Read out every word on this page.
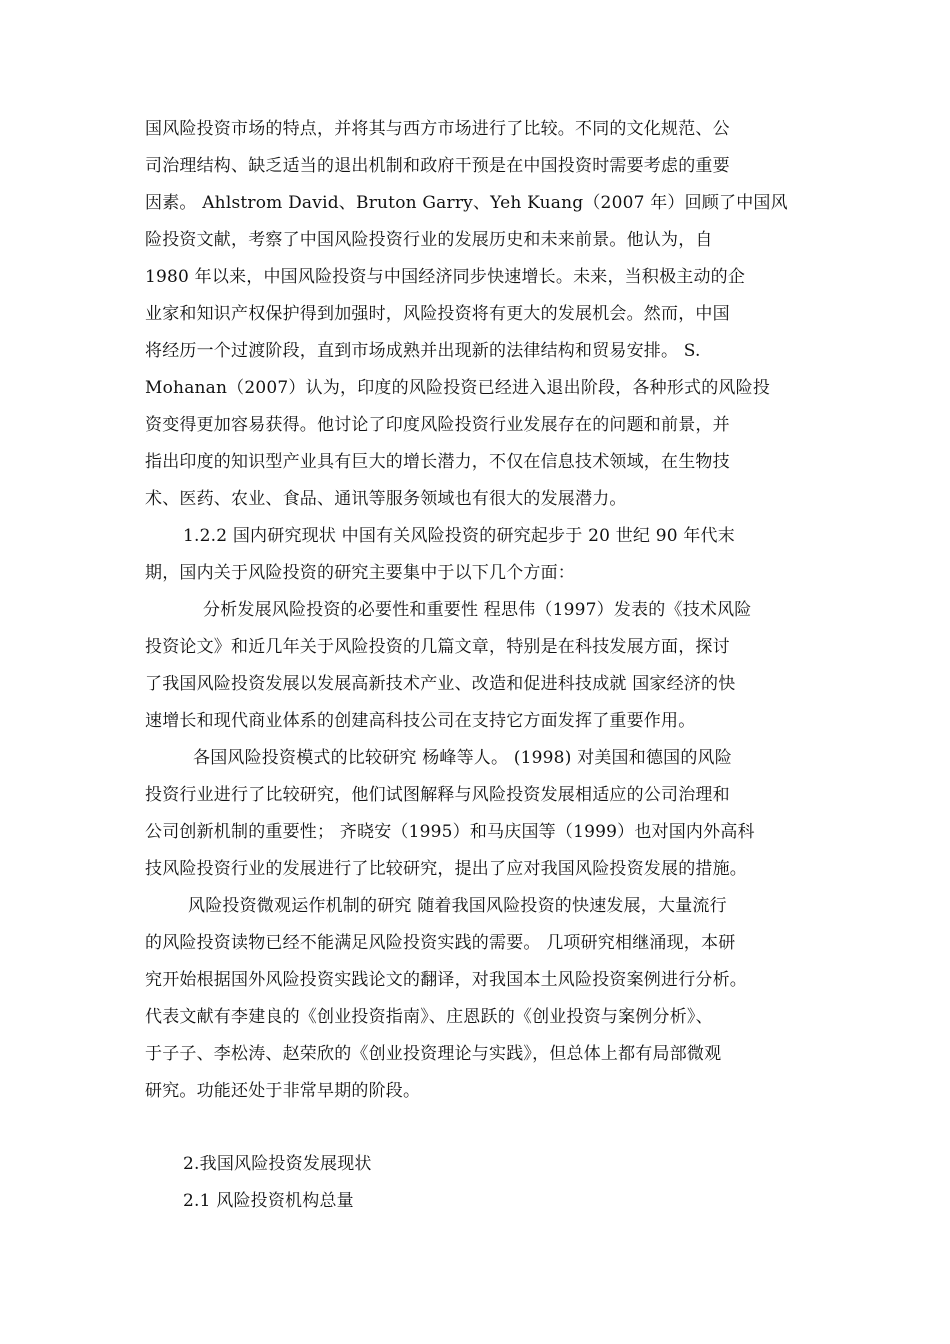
国风险投资市场的特点，并将其与西方市场进行了比较。不同的文化规范、公
司治理结构、缺乏适当的退出机制和政府干预是在中国投资时需要考虑的重要
因素。 Ahlstrom David、Bruton Garry、Yeh Kuang（2007 年）回顾了中国风
险投资文献，考察了中国风险投资行业的发展历史和未来前景。他认为，自
1980 年以来，中国风险投资与中国经济同步快速增长。未来，当积极主动的企
业家和知识产权保护得到加强时，风险投资将有更大的发展机会。然而，中国
将经历一个过渡阶段，直到市场成熟并出现新的法律结构和贸易安排。 S.
Mohanan（2007）认为，印度的风险投资已经进入退出阶段，各种形式的风险投
资变得更加容易获得。他讨论了印度风险投资行业发展存在的问题和前景，并
指出印度的知识型产业具有巨大的增长潜力，不仅在信息技术领域，在生物技
术、医药、农业、食品、通讯等服务领域也有很大的发展潜力。
1.2.2 国内研究现状 中国有关风险投资的研究起步于 20 世纪 90 年代末
期，国内关于风险投资的研究主要集中于以下几个方面：
分析发展风险投资的必要性和重要性 程思伟（1997）发表的《技术风险
投资论文》和近几年关于风险投资的几篇文章，特别是在科技发展方面，探讨
了我国风险投资发展以发展高新技术产业、改造和促进科技成就 国家经济的快
速增长和现代商业体系的创建高科技公司在支持它方面发挥了重要作用。
各国风险投资模式的比较研究 杨峰等人。 (1998) 对美国和德国的风险
投资行业进行了比较研究，他们试图解释与风险投资发展相适应的公司治理和
公司创新机制的重要性； 齐晓安（1995）和马庆国等（1999）也对国内外高科
技风险投资行业的发展进行了比较研究，提出了应对我国风险投资发展的措施。
风险投资微观运作机制的研究 随着我国风险投资的快速发展，大量流行
的风险投资读物已经不能满足风险投资实践的需要。 几项研究相继涌现，本研
究开始根据国外风险投资实践论文的翻译，对我国本土风险投资案例进行分析。
代表文献有李建良的《创业投资指南》、庄恩跃的《创业投资与案例分析》、
于子子、李松涛、赵荣欣的《创业投资理论与实践》，但总体上都有局部微观
研究。功能还处于非常早期的阶段。
2.我国风险投资发展现状
2.1 风险投资机构总量
